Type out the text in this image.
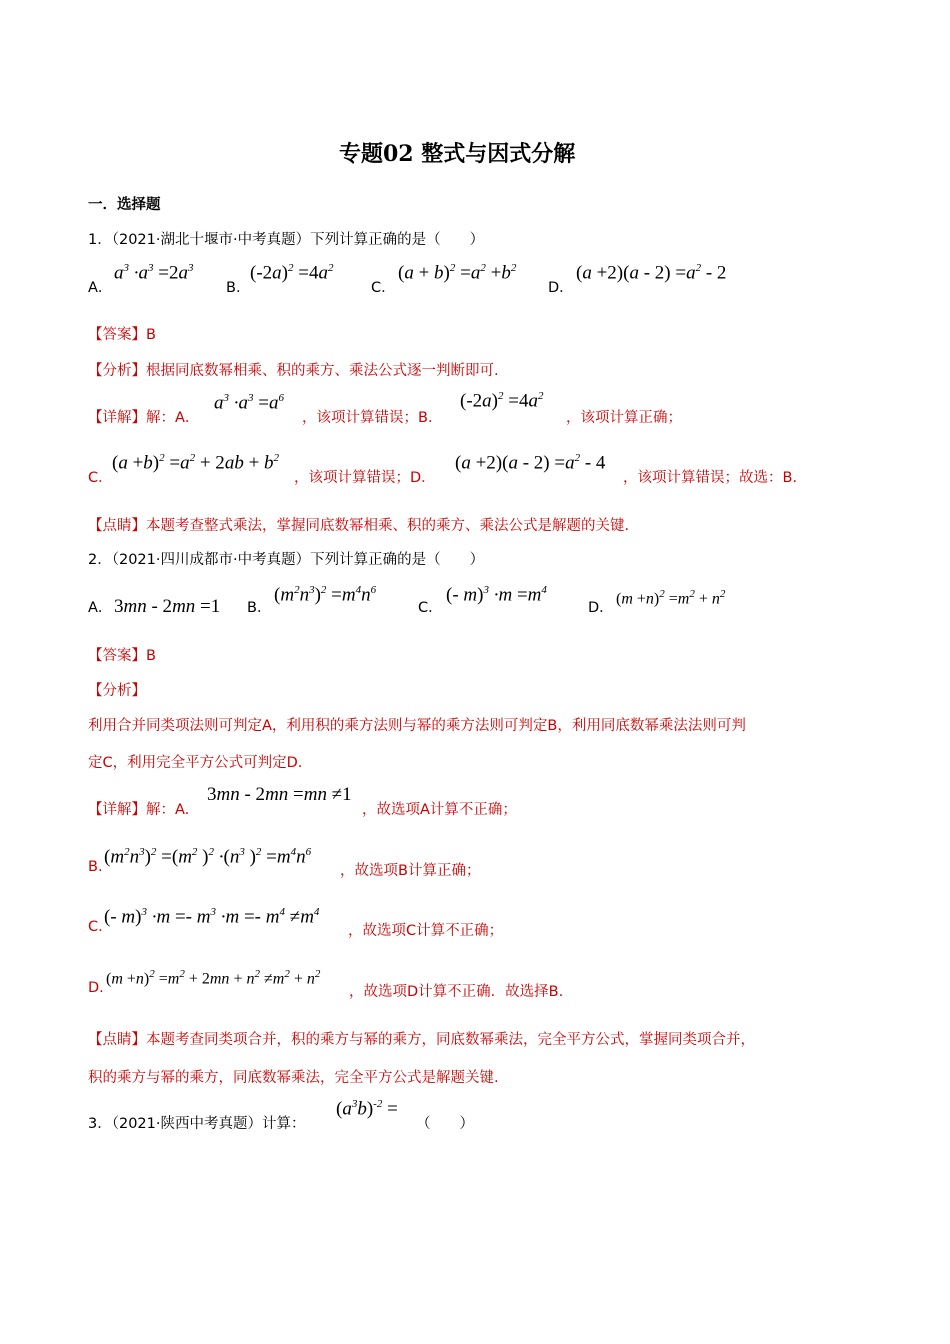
专题02 整式与因式分解
一．选择题
1．（2021·湖北十堰市·中考真题）下列计算正确的是（　　）
A．
$a^3 \cdot a^3 =2a^3$
B．
$(-2a)^2 =4a^2$
C．
$(a + b)^2 =a^2 +b^2$
D．
$(a +2)(a - 2) =a^2 - 2$
【答案】B
【分析】根据同底数幂相乘、积的乘方、乘法公式逐一判断即可.
【详解】解：A．
$a^3 \cdot a^3 =a^6$
，该项计算错误；B．
$(-2a)^2 =4a^2$
，该项计算正确；
C．
$(a +b)^2 =a^2 + 2ab + b^2$
，该项计算错误；D．
$(a +2)(a - 2) =a^2 - 4$
，该项计算错误；故选：B.
【点睛】本题考查整式乘法，掌握同底数幂相乘、积的乘方、乘法公式是解题的关键.
2．（2021·四川成都市·中考真题）下列计算正确的是（　　）
A． 3mn - 2mn =1 B．
$(m^2n^3)^2 =m^4n^6$
C．
(- $m)^3 \cdot m =m^4$
D．
$(m +n)^2 =m^2 + n^2$
【答案】B
【分析】
利用合并同类项法则可判定A，利用积的乘方法则与幂的乘方法则可判定B，利用同底数幂乘法法则可判
定C，利用完全平方公式可判定D.
【详解】解：A.
3mn - 2mn =mn ≠1
，故选项A计算不正确；
B. $(m^2n^3)^2 =(m^2$ )$^2 \cdot(n^3$ )$^2 =m^4n^6$
，故选项B计算正确；
C. (- $m)^3 \cdot m =- m^3 \cdot m =- m^4 \ne m^4$
，故选项C计算不正确；
D.
$(m +n)^2 =m^2 + 2mn + n^2 \ne m^2 + n^2$
，故选项D计算不正确．故选择B.
【点睛】本题考查同类项合并，积的乘方与幂的乘方，同底数幂乘法，完全平方公式，掌握同类项合并，
积的乘方与幂的乘方，同底数幂乘法，完全平方公式是解题关键.
3．（2021·陕西中考真题）计算：
$(a^3b)^{-2}$ =
（　　）
